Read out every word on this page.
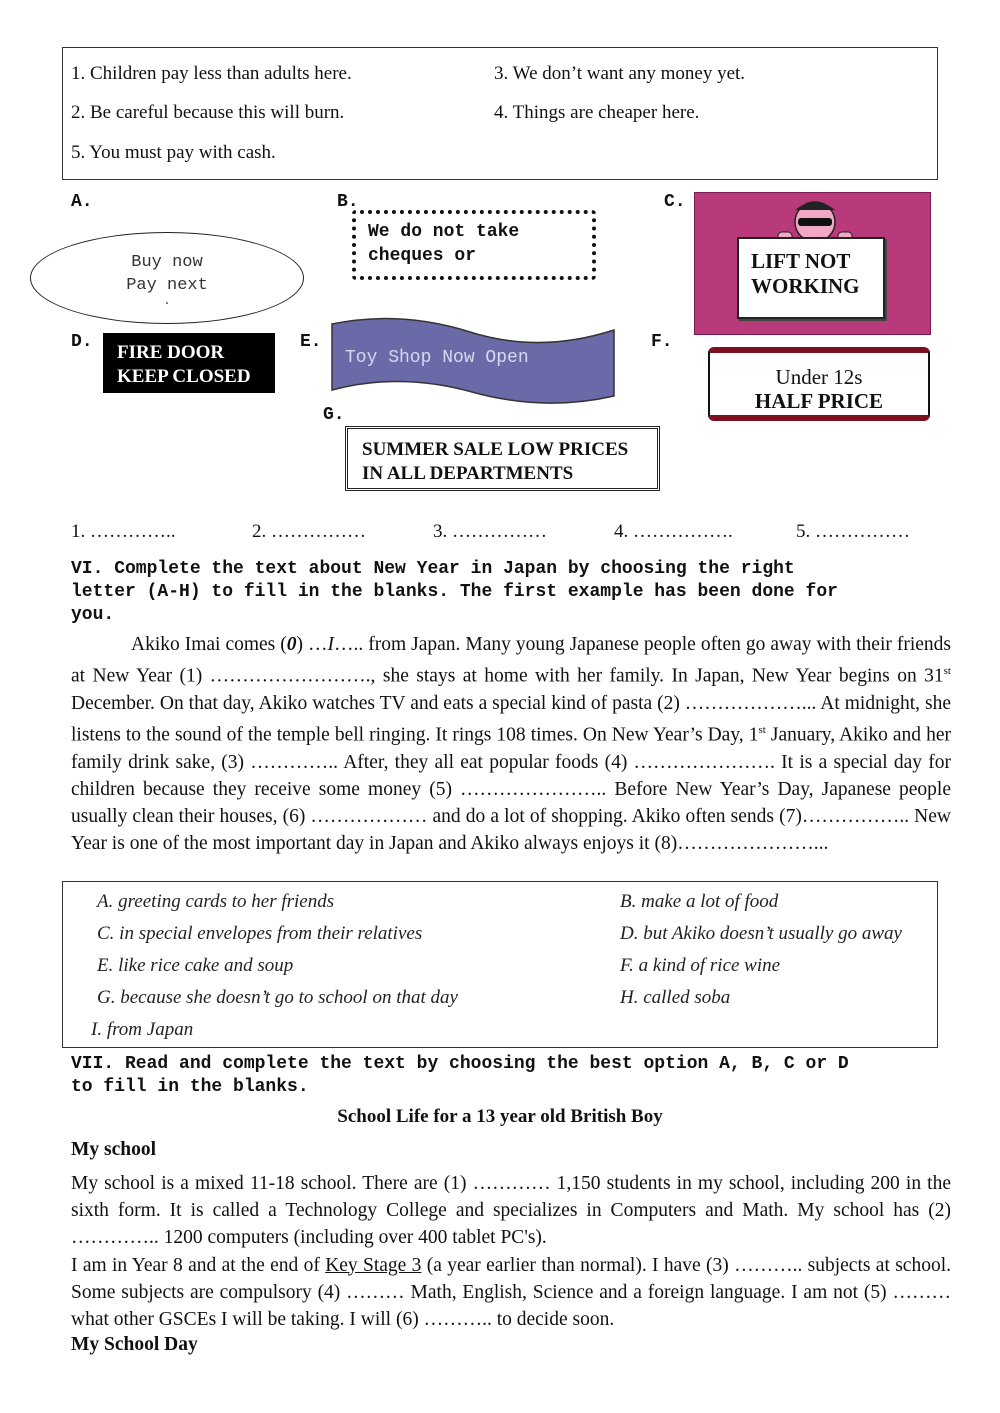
1. Children pay less than adults here.	3. We don’t want any money yet.
2. Be careful because this will burn.	4. Things are cheaper here.
5. You must pay with cash.
A.
Buy now
Pay next
.
B.
We do not take
cheques or
C.
LIFT NOT
WORKING
D. FIRE DOOR
KEEP CLOSED
E.
Toy Shop Now Open
F.
Under 12s
HALF PRICE
G.
SUMMER SALE LOW PRICES
IN ALL DEPARTMENTS
1. …………..	2. ……………	3. ……………	4. …………….	5. ……………
VI. Complete the text about New Year in Japan by choosing the right
letter (A-H) to fill in the blanks. The first example has been done for
you.

Akiko Imai comes (0) …I….. from Japan. Many young Japanese people often go away with their friends at New Year (1) ……………………., she stays at home with her family. In Japan, New Year begins on 31st December. On that day, Akiko watches TV and eats a special kind of pasta (2) ………………... At midnight, she listens to the sound of the temple bell ringing. It rings 108 times. On New Year’s Day, 1st January, Akiko and her family drink sake, (3) ………….. After, they all eat popular foods (4) …………………. It is a special day for children because they receive some money (5) ………………….. Before New Year’s Day, Japanese people usually clean their houses, (6) ……………… and do a lot of shopping. Akiko often sends (7)…………….. New Year is one of the most important day in Japan and Akiko always enjoys it (8)…………………...

A. greeting cards to her friends	B. make a lot of food
C. in special envelopes from their relatives	D. but Akiko doesn’t usually go away
E. like rice cake and soup	F. a kind of rice wine
G. because she doesn’t go to school on that day	H. called soba
I. from Japan
VII. Read and complete the text by choosing the best option A, B, C or D
to fill in the blanks.
School Life for a 13 year old British Boy
My school

My school is a mixed 11-18 school. There are (1) ………… 1,150 students in my school, including 200 in the sixth form. It is called a Technology College and specializes in Computers and Math. My school has (2) ………….. 1200 computers (including over 400 tablet PC's).

I am in Year 8 and at the end of Key Stage 3 (a year earlier than normal). I have (3) ……….. subjects at school. Some subjects are compulsory (4) ……… Math, English, Science and a foreign language. I am not (5) ……… what other GSCEs I will be taking. I will (6) ……….. to decide soon.

My School Day
